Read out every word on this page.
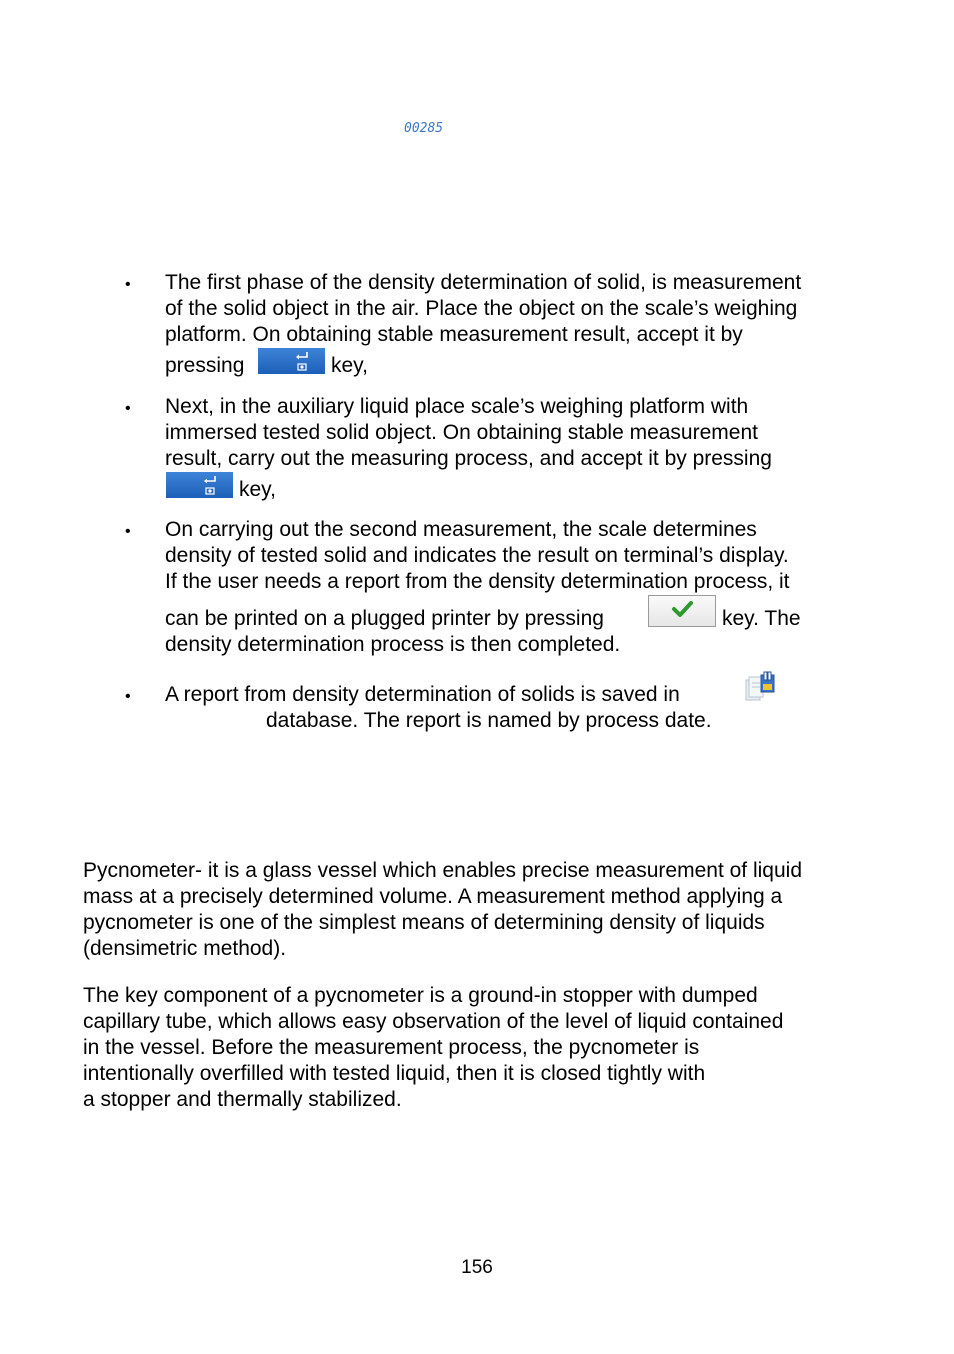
00285
• The first phase of the density determination of solid, is measurement
of the solid object in the air. Place the object on the scale’s weighing
platform. On obtaining stable measurement result, accept it by
pressing	key,
• Next, in the auxiliary liquid place scale’s weighing platform with
immersed tested solid object. On obtaining stable measurement
result, carry out the measuring process, and accept it by pressing
key,
• On carrying out the second measurement, the scale determines
density of tested solid and indicates the result on terminal’s display.
If the user needs a report from the density determination process, it
can be printed on a plugged printer by pressing	key. The
density determination process is then completed.
• A report from density determination of solids is saved in
database. The report is named by process date.
Pycnometer- it is a glass vessel which enables precise measurement of liquid
mass at a precisely determined volume. A measurement method applying a
pycnometer is one of the simplest means of determining density of liquids
(densimetric method).
The key component of a pycnometer is a ground-in stopper with dumped
capillary tube, which allows easy observation of the level of liquid contained
in the vessel. Before the measurement process, the pycnometer is
intentionally overfilled with tested liquid, then it is closed tightly with
a stopper and thermally stabilized.
156
